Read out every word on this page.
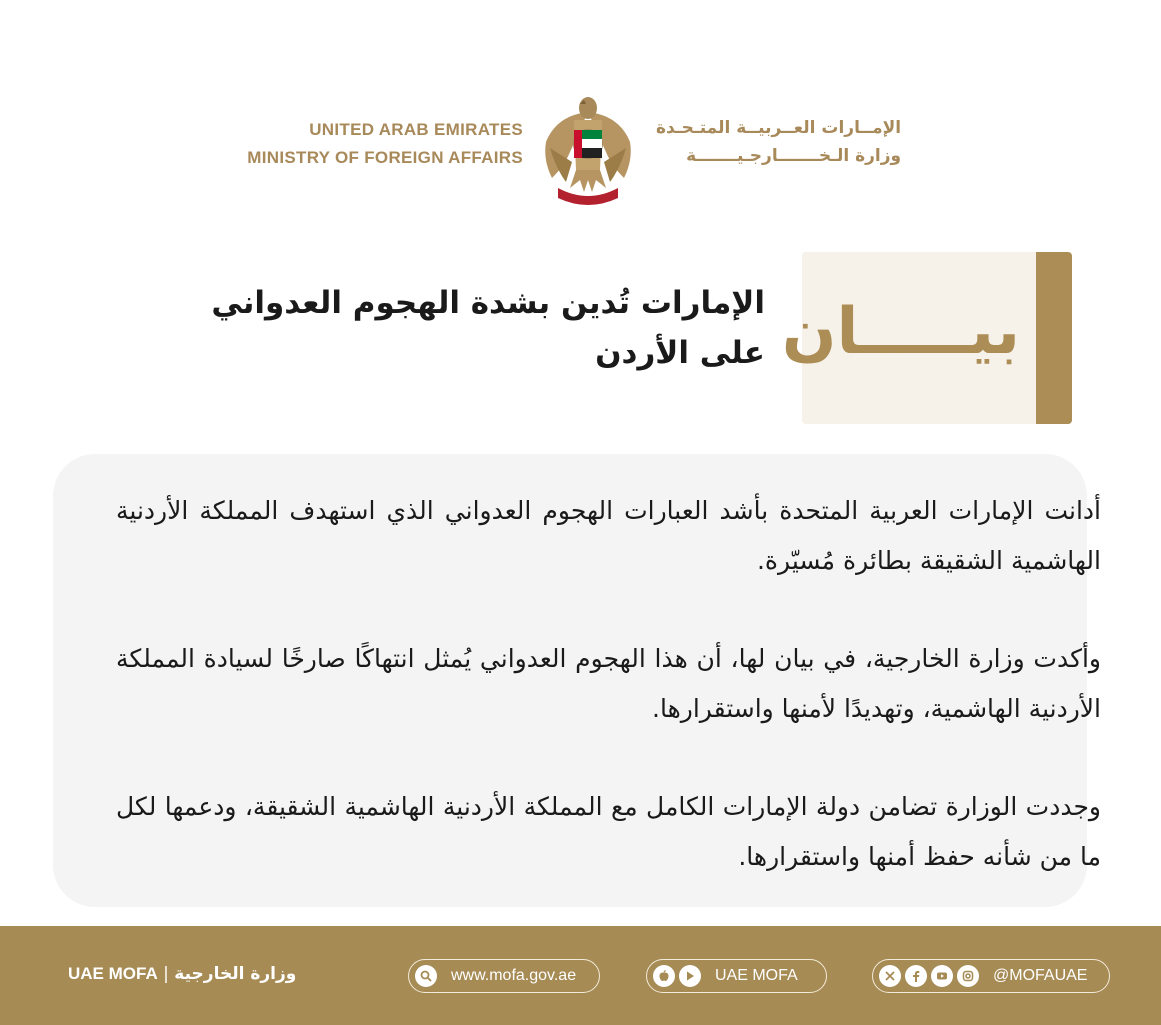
UNITED ARAB EMIRATES
MINISTRY OF FOREIGN AFFAIRS
الإمــارات العــربيــة المتـحـدة
وزارة الـخـــــــارجـيـــــــة
بيـــــان
الإمارات تُدين بشدة الهجوم العدواني
على الأردن
أدانت الإمارات العربية المتحدة بأشد العبارات الهجوم العدواني الذي استهدف المملكة الأردنية الهاشمية الشقيقة بطائرة مُسيّرة.
وأكدت وزارة الخارجية، في بيان لها، أن هذا الهجوم العدواني يُمثل انتهاكًا صارخًا لسيادة المملكة الأردنية الهاشمية، وتهديدًا لأمنها واستقرارها.
وجددت الوزارة تضامن دولة الإمارات الكامل مع المملكة الأردنية الهاشمية الشقيقة، ودعمها لكل ما من شأنه حفظ أمنها واستقرارها.
UAE MOFA | وزارة الخارجية	www.mofa.gov.ae	UAE MOFA	@MOFAUAE
